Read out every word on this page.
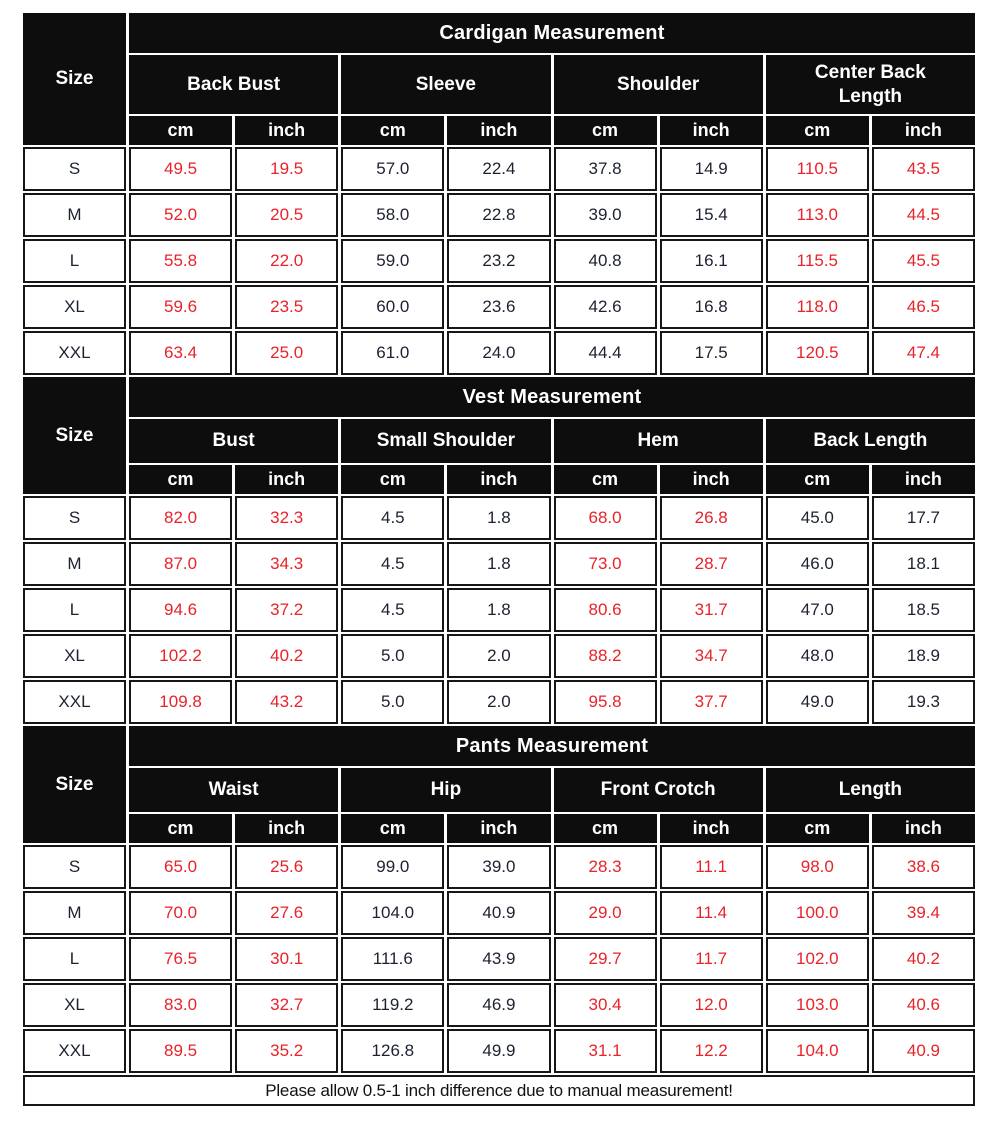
Size	Cardigan Measurement							
	Back Bust		Sleeve		Shoulder		Center Back Length	
	cm	inch	cm	inch	cm	inch	cm	inch
S	49.5	19.5	57.0	22.4	37.8	14.9	110.5	43.5
M	52.0	20.5	58.0	22.8	39.0	15.4	113.0	44.5
L	55.8	22.0	59.0	23.2	40.8	16.1	115.5	45.5
XL	59.6	23.5	60.0	23.6	42.6	16.8	118.0	46.5
XXL	63.4	25.0	61.0	24.0	44.4	17.5	120.5	47.4
Size	Vest Measurement							
	Bust		Small Shoulder		Hem		Back Length	
	cm	inch	cm	inch	cm	inch	cm	inch
S	82.0	32.3	4.5	1.8	68.0	26.8	45.0	17.7
M	87.0	34.3	4.5	1.8	73.0	28.7	46.0	18.1
L	94.6	37.2	4.5	1.8	80.6	31.7	47.0	18.5
XL	102.2	40.2	5.0	2.0	88.2	34.7	48.0	18.9
XXL	109.8	43.2	5.0	2.0	95.8	37.7	49.0	19.3
Size	Pants Measurement							
	Waist		Hip		Front Crotch		Length	
	cm	inch	cm	inch	cm	inch	cm	inch
S	65.0	25.6	99.0	39.0	28.3	11.1	98.0	38.6
M	70.0	27.6	104.0	40.9	29.0	11.4	100.0	39.4
L	76.5	30.1	111.6	43.9	29.7	11.7	102.0	40.2
XL	83.0	32.7	119.2	46.9	30.4	12.0	103.0	40.6
XXL	89.5	35.2	126.8	49.9	31.1	12.2	104.0	40.9
Please allow 0.5-1 inch difference due to manual measurement!								
